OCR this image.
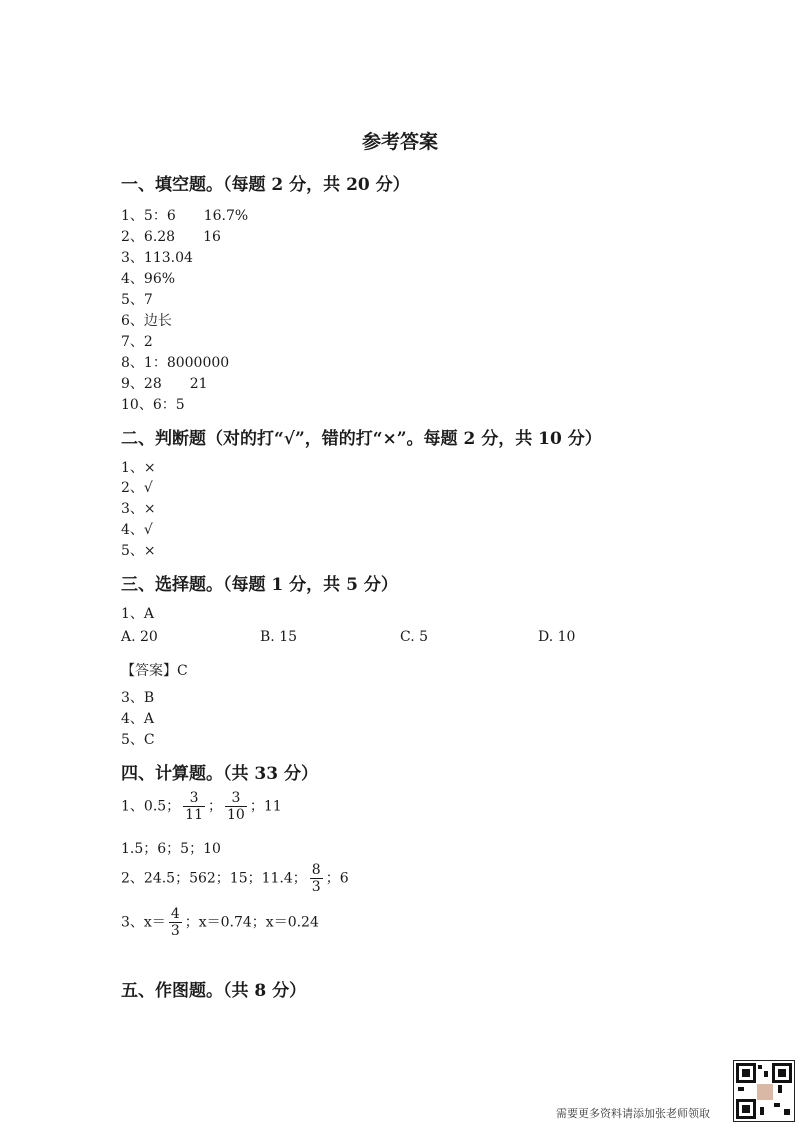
参考答案
一、填空题。（每题 2 分，共 20 分）
1、5：6　　16.7%
2、6.28　　16
3、113.04
4、96%
5、7
6、边长
7、2
8、1：8000000
9、28　　21
10、6：5
二、判断题（对的打“√”，错的打“×”。每题 2 分，共 10 分）
1、×
2、√
3、×
4、√
5、×
三、选择题。（每题 1 分，共 5 分）
1、A
A. 20	B. 15	C. 5	D. 10
【答案】C
3、B
4、A
5、C
四、计算题。（共 33 分）
1、0.5； $\frac{3}{11}$ ； $\frac{3}{10}$ ；11
1.5；6；5；10
2、24.5；562；15；11.4； $\frac{8}{3}$ ；6
3、$x= \frac{4}{3}$ ；x＝0.74；x＝0.24
五、作图题。（共 8 分）
需要更多资料请添加张老师领取
